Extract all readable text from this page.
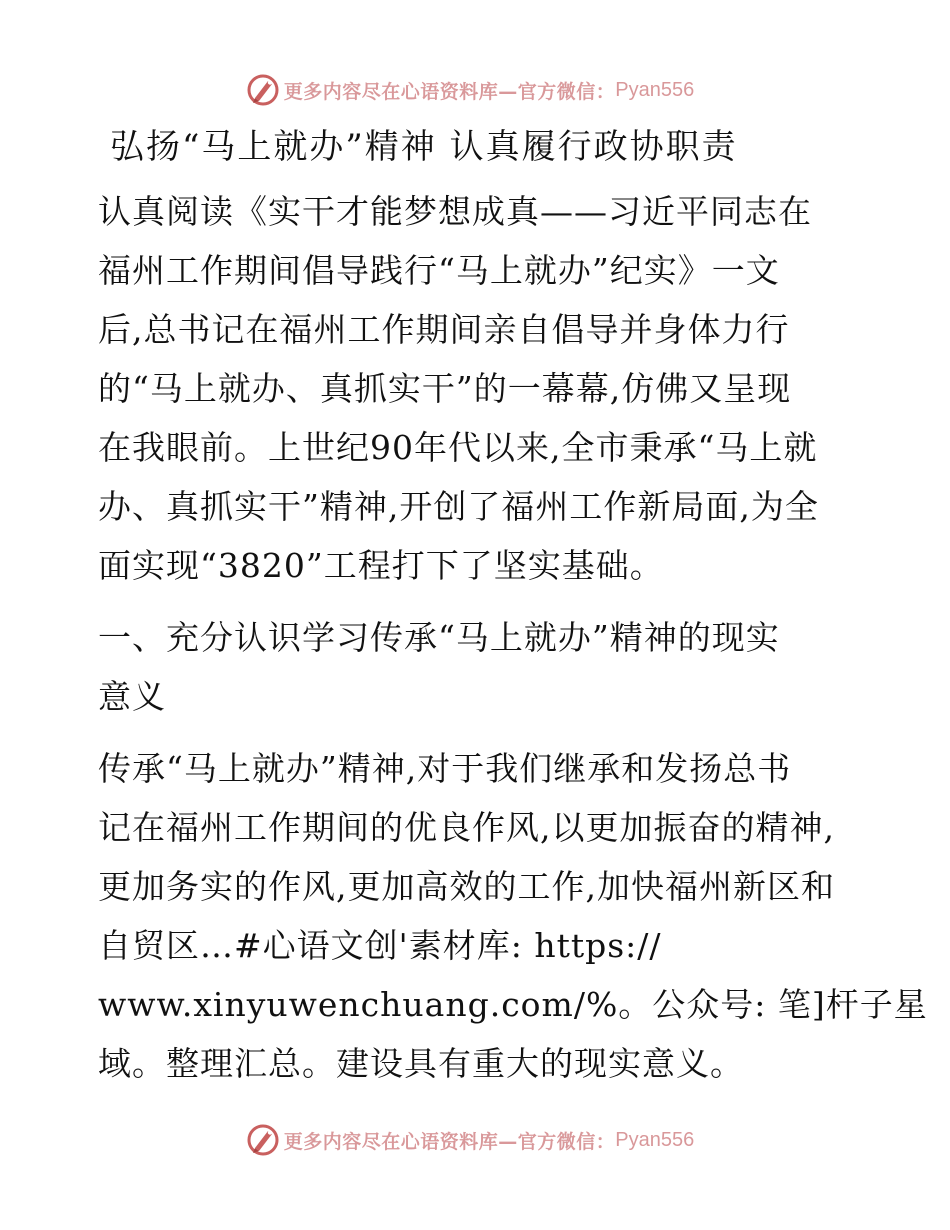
更多内容尽在心语资料库—官方微信： Pyan556
弘扬“马上就办”精神 认真履行政协职责

认真阅读《实干才能梦想成真——习近平同志在
福州工作期间倡导践行“马上就办”纪实》一文
后,总书记在福州工作期间亲自倡导并身体力行
的“马上就办、真抓实干”的一幕幕,仿佛又呈现
在我眼前。上世纪90年代以来,全市秉承“马上就
办、真抓实干”精神,开创了福州工作新局面,为全
面实现“3820”工程打下了坚实基础。

一、充分认识学习传承“马上就办”精神的现实
意义

传承“马上就办”精神,对于我们继承和发扬总书
记在福州工作期间的优良作风,以更加振奋的精神,
更加务实的作风,更加高效的工作,加快福州新区和
自贸区…#心语文创'素材库: https://
www.xinyuwenchuang.com/%。公众号: 笔]杆子星
域。整理汇总。建设具有重大的现实意义。

更多内容尽在心语资料库—官方微信： Pyan556
